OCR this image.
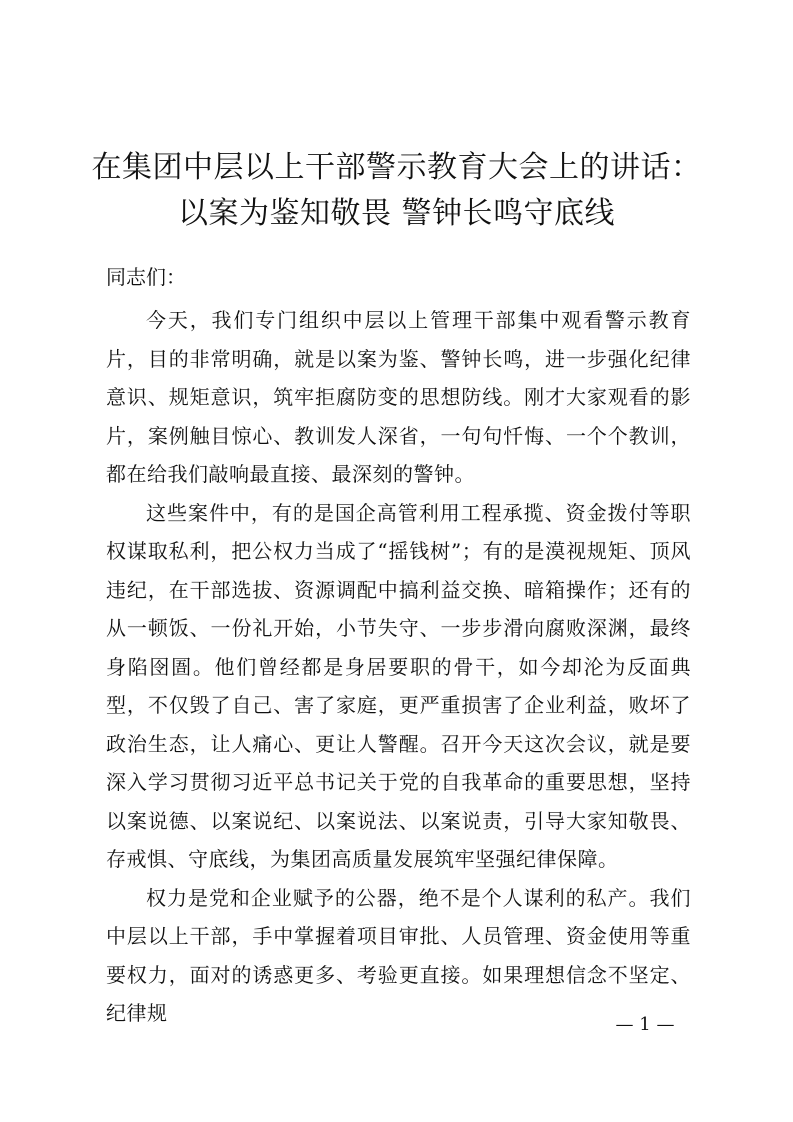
在集团中层以上干部警示教育大会上的讲话：
以案为鉴知敬畏 警钟长鸣守底线
同志们：

今天，我们专门组织中层以上管理干部集中观看警示教育片，目的非常明确，就是以案为鉴、警钟长鸣，进一步强化纪律意识、规矩意识，筑牢拒腐防变的思想防线。刚才大家观看的影片，案例触目惊心、教训发人深省，一句句忏悔、一个个教训，都在给我们敲响最直接、最深刻的警钟。

这些案件中，有的是国企高管利用工程承揽、资金拨付等职权谋取私利，把公权力当成了“摇钱树”；有的是漠视规矩、顶风违纪，在干部选拔、资源调配中搞利益交换、暗箱操作；还有的从一顿饭、一份礼开始，小节失守、一步步滑向腐败深渊，最终身陷囹圄。他们曾经都是身居要职的骨干，如今却沦为反面典型，不仅毁了自己、害了家庭，更严重损害了企业利益，败坏了政治生态，让人痛心、更让人警醒。召开今天这次会议，就是要深入学习贯彻习近平总书记关于党的自我革命的重要思想，坚持以案说德、以案说纪、以案说法、以案说责，引导大家知敬畏、存戒惧、守底线，为集团高质量发展筑牢坚强纪律保障。

权力是党和企业赋予的公器，绝不是个人谋利的私产。我们中层以上干部，手中掌握着项目审批、人员管理、资金使用等重要权力，面对的诱惑更多、考验更直接。如果理想信念不坚定、纪律规	— 1 —
